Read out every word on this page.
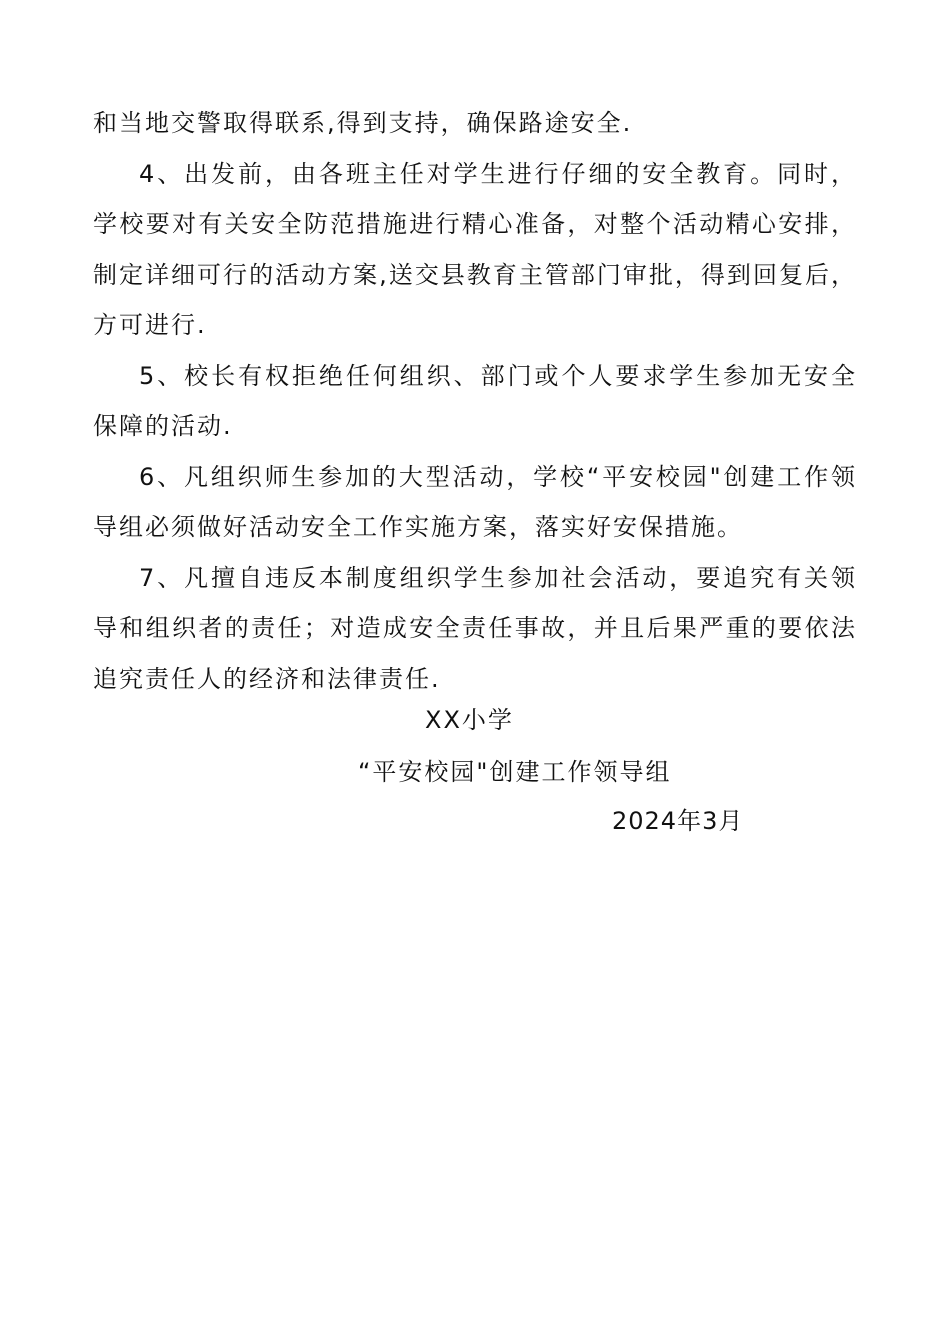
和当地交警取得联系,得到支持，确保路途安全.

4、出发前，由各班主任对学生进行仔细的安全教育。同时，学校要对有关安全防范措施进行精心准备，对整个活动精心安排，制定详细可行的活动方案,送交县教育主管部门审批，得到回复后，方可进行.

5、校长有权拒绝任何组织、部门或个人要求学生参加无安全保障的活动.

6、凡组织师生参加的大型活动，学校“平安校园"创建工作领导组必须做好活动安全工作实施方案，落实好安保措施。

7、凡擅自违反本制度组织学生参加社会活动，要追究有关领导和组织者的责任；对造成安全责任事故，并且后果严重的要依法追究责任人的经济和法律责任.

XX小学
“平安校园"创建工作领导组
2024年3月
